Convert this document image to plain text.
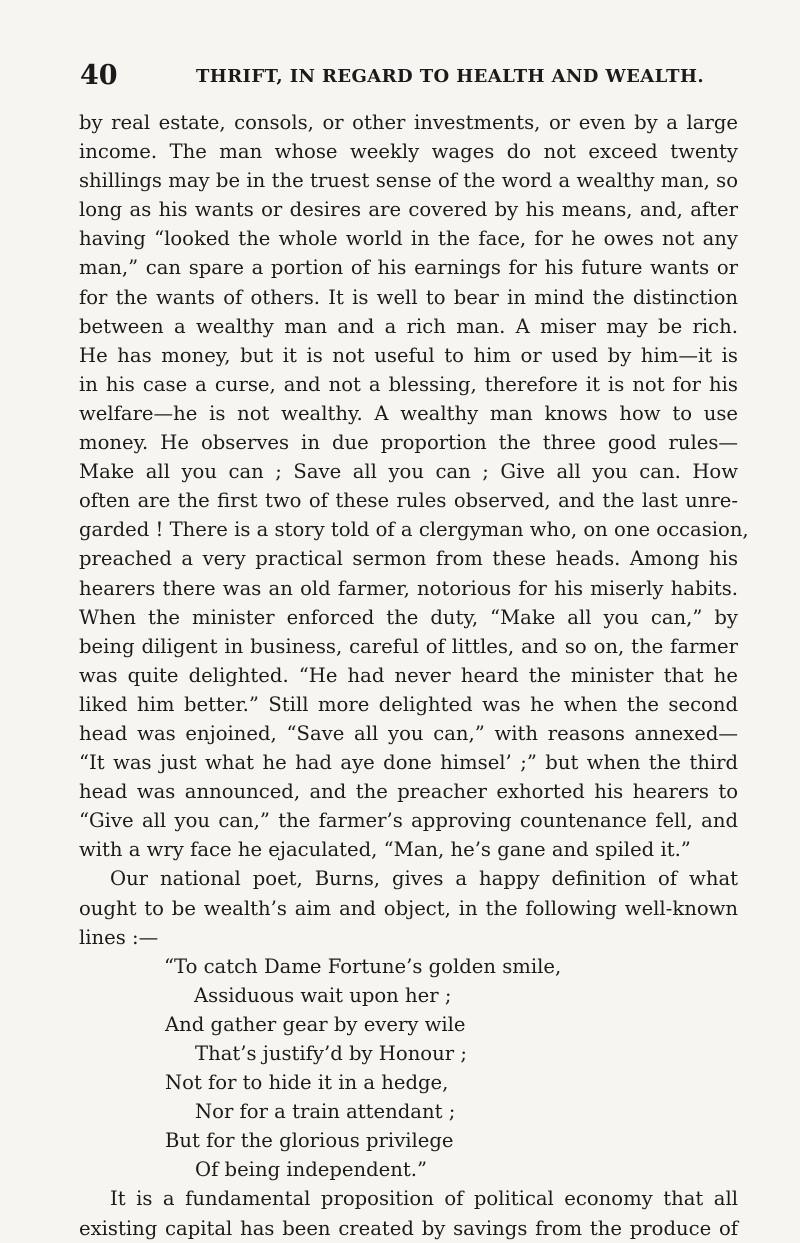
40	THRIFT, IN REGARD TO HEALTH AND WEALTH.
by real estate, consols, or other investments, or even by a large
income. The man whose weekly wages do not exceed twenty
shillings may be in the truest sense of the word a wealthy man, so
long as his wants or desires are covered by his means, and, after
having “looked the whole world in the face, for he owes not any
man,” can spare a portion of his earnings for his future wants or
for the wants of others. It is well to bear in mind the distinction
between a wealthy man and a rich man. A miser may be rich.
He has money, but it is not useful to him or used by him—it is
in his case a curse, and not a blessing, therefore it is not for his
welfare—he is not wealthy. A wealthy man knows how to use
money. He observes in due proportion the three good rules—
Make all you can ; Save all you can ; Give all you can. How
often are the first two of these rules observed, and the last unre-
garded ! There is a story told of a clergyman who, on one occasion,
preached a very practical sermon from these heads. Among his
hearers there was an old farmer, notorious for his miserly habits.
When the minister enforced the duty, “Make all you can,” by
being diligent in business, careful of littles, and so on, the farmer
was quite delighted. “He had never heard the minister that he
liked him better.” Still more delighted was he when the second
head was enjoined, “Save all you can,” with reasons annexed—
“It was just what he had aye done himsel’ ;” but when the third
head was announced, and the preacher exhorted his hearers to
“Give all you can,” the farmer’s approving countenance fell, and
with a wry face he ejaculated, “Man, he’s gane and spiled it.”
Our national poet, Burns, gives a happy definition of what
ought to be wealth’s aim and object, in the following well-known
lines :—
“To catch Dame Fortune’s golden smile,
Assiduous wait upon her ;
And gather gear by every wile
That’s justify’d by Honour ;
Not for to hide it in a hedge,
Nor for a train attendant ;
But for the glorious privilege
Of being independent.”
It is a fundamental proposition of political economy that all
existing capital has been created by savings from the produce of
